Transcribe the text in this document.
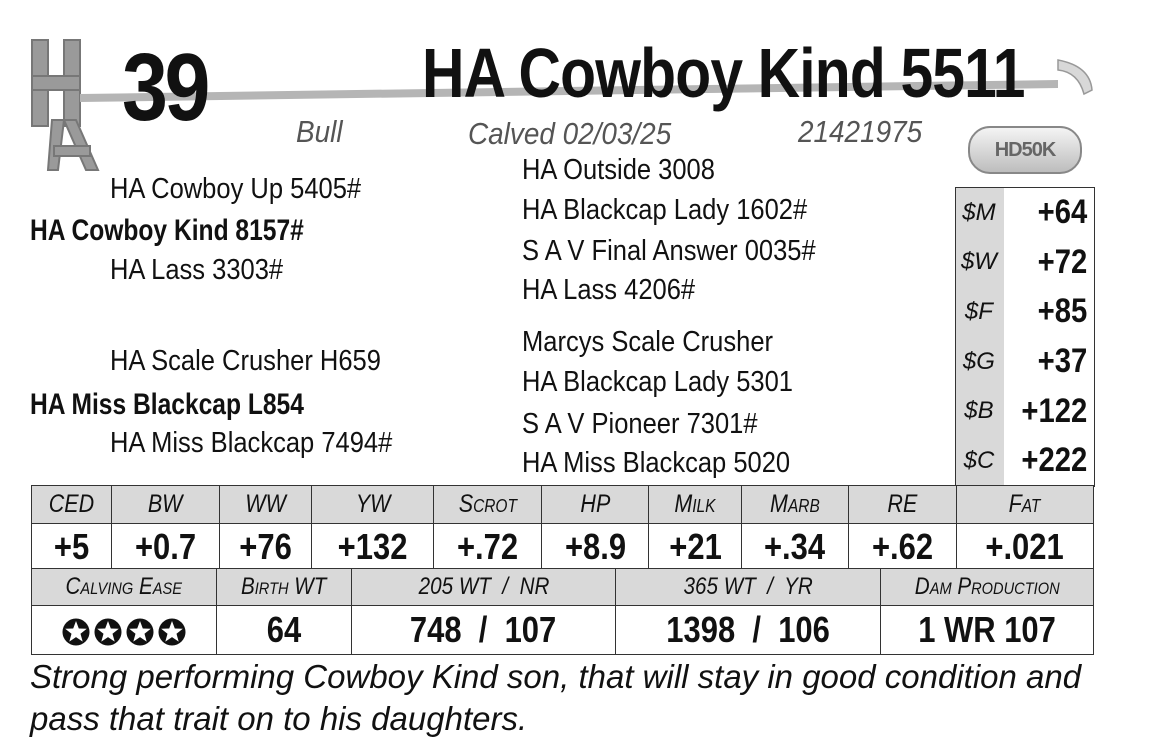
39	HA Cowboy Kind 5511
Bull	Calved 02/03/25	21421975
HD50K
HA Cowboy Up 5405#
HA Cowboy Kind 8157#
HA Lass 3303#
HA Scale Crusher H659
HA Miss Blackcap L854
HA Miss Blackcap 7494#
HA Outside 3008
HA Blackcap Lady 1602#
S A V Final Answer 0035#
HA Lass 4206#
Marcys Scale Crusher
HA Blackcap Lady 5301
S A V Pioneer 7301#
HA Miss Blackcap 5020
$M	+64
$W	+72
$F	+85
$G	+37
$B +122
$C +222
CED	BW	WW	YW	Scrot	HP	Milk	Marb	RE	Fat
+5	+0.7	+76	+132	+.72	+8.9	+21	+.34	+.62	+.021
Calving Ease	Birth WT	205 WT  /  NR	365 WT  /  YR	Dam Production

	64	748  /  107	1398  /  106	1 WR 107
Strong performing Cowboy Kind son, that will stay in good condition and pass that trait on to his daughters.
